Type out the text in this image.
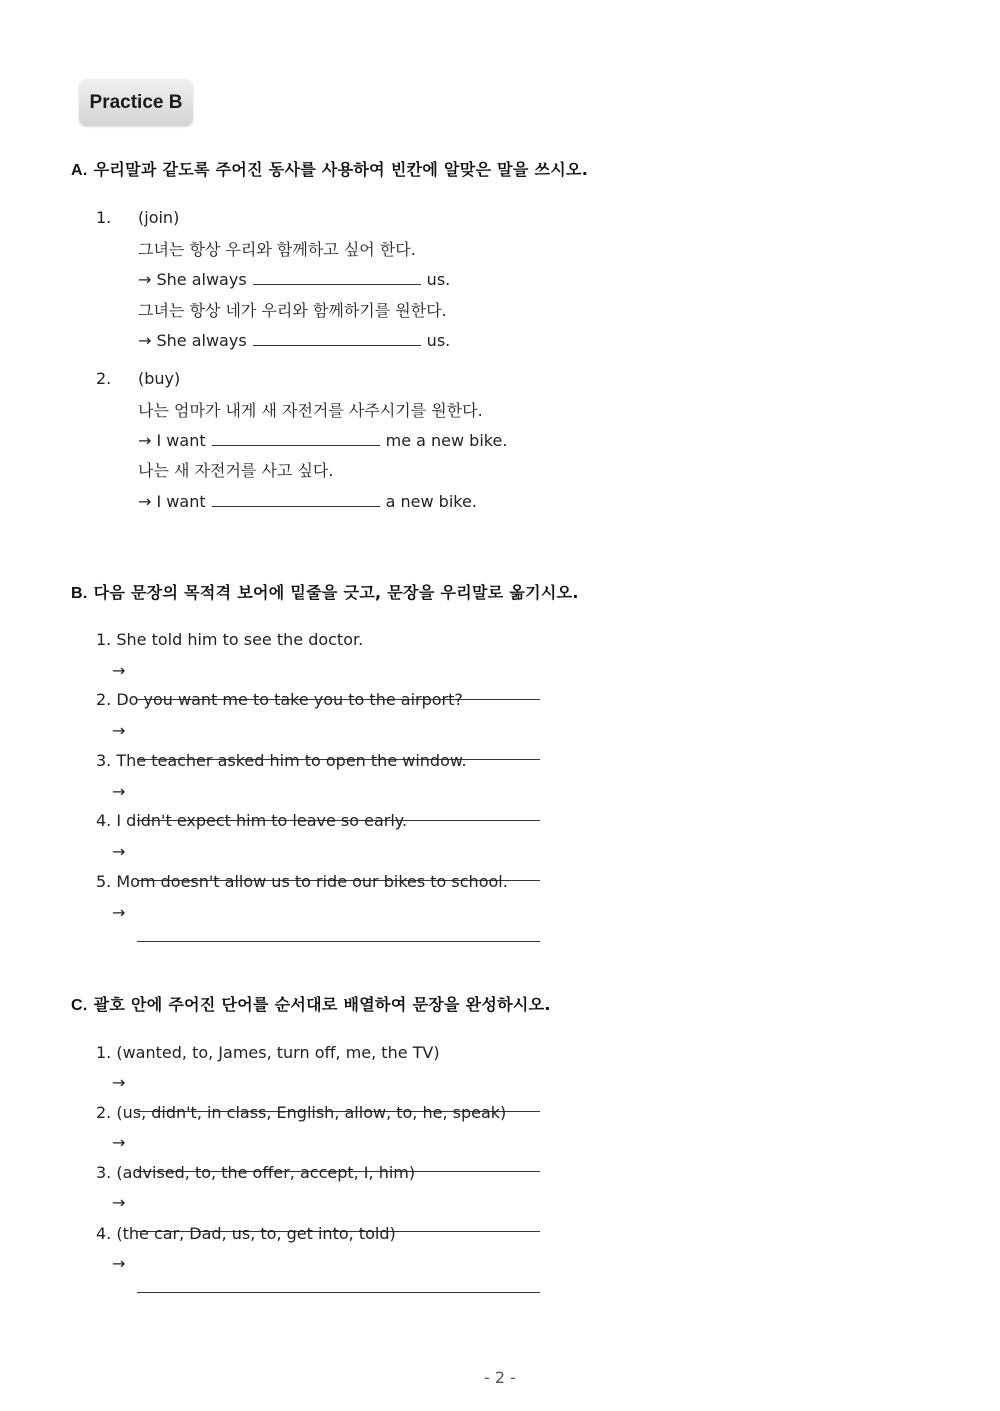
Practice B
A. 우리말과 같도록 주어진 동사를 사용하여 빈칸에 알맞은 말을 쓰시오.
1. (join)
그녀는 항상 우리와 함께하고 싶어 한다.
→ She always	us.
그녀는 항상 네가 우리와 함께하기를 원한다.
→ She always	us.
2. (buy)
나는 엄마가 내게 새 자전거를 사주시기를 원한다.
→ I want	me a new bike.
나는 새 자전거를 사고 싶다.
→ I want	a new bike.
B. 다음 문장의 목적격 보어에 밑줄을 긋고, 문장을 우리말로 옮기시오.
1. She told him to see the doctor.
→
2. Do you want me to take you to the airport?
→
3. The teacher asked him to open the window.
→
4. I didn't expect him to leave so early.
→
5. Mom doesn't allow us to ride our bikes to school.
→
C. 괄호 안에 주어진 단어를 순서대로 배열하여 문장을 완성하시오.
1. (wanted, to, James, turn off, me, the TV)
→
2. (us, didn't, in class, English, allow, to, he, speak)
→
3. (advised, to, the offer, accept, I, him)
→
4. (the car, Dad, us, to, get into, told)
→
- 2 -
